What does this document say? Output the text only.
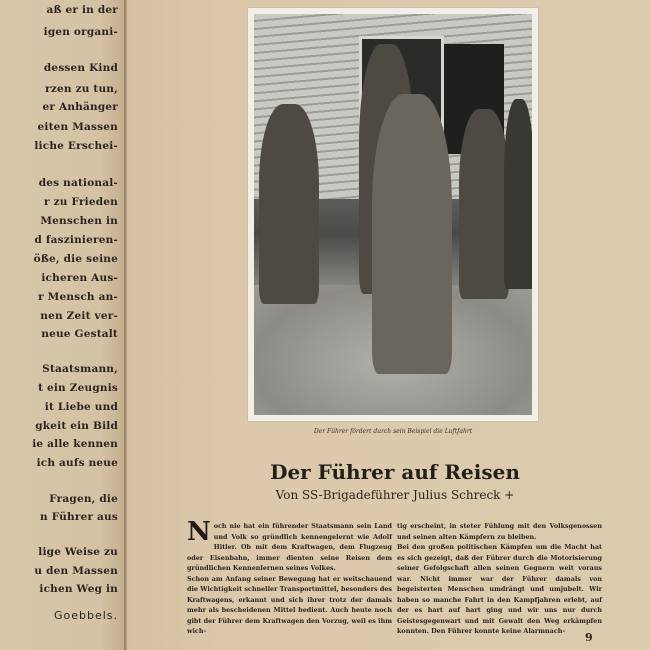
aß er in der
igen organi-
dessen Kind
rzen zu tun,
er Anhänger
eiten Massen
liche Erschei-
des national-
r zu Frieden
Menschen in
d faszinieren-
öße, die seine
icheren Aus-
r Mensch an-
nen Zeit ver-
neue Gestalt
Staatsmann,
t ein Zeugnis
it Liebe und
gkeit ein Bild
ie alle kennen
ich aufs neue
Fragen, die
n Führer aus
lige Weise zu
u den Massen
ichen Weg in
Goebbels.
Der Führer fördert durch sein Beispiel die Luftfahrt
Der Führer auf Reisen
Von SS-Brigadeführer Julius Schreck +

Noch nie hat ein führender Staatsmann sein Land und Volk so gründlich kennengelernt wie Adolf Hitler. Ob mit dem Kraftwagen, dem Flugzeug oder Eisenbahn, immer dienten seine Reisen dem gründlichen Kennenlernen seines Volkes.

Schon am Anfang seiner Bewegung hat er weitschauend die Wichtigkeit schneller Transportmittel, besonders des Kraftwagens, erkannt und sich ihrer trotz der damals mehr als bescheidenen Mittel bedient. Auch heute noch gibt der Führer dem Kraftwagen den Vorzug, weil es ihm wich-

tig erscheint, in steter Fühlung mit den Volksgenossen und seinen alten Kämpfern zu bleiben.

Bei den großen politischen Kämpfen um die Macht hat es sich gezeigt, daß der Führer durch die Motorisierung seiner Gefolgschaft allen seinen Gegnern weit voraus war. Nicht immer war der Führer damals von begeisterten Menschen umdrängt und umjubelt. Wir haben so manche Fahrt in den Kampfjahren erlebt, auf der es hart auf hart ging und wir uns nur durch Geistesgegenwart und mit Gewalt den Weg erkämpfen konnten. Den Führer konnte keine Alarmnach-	9
